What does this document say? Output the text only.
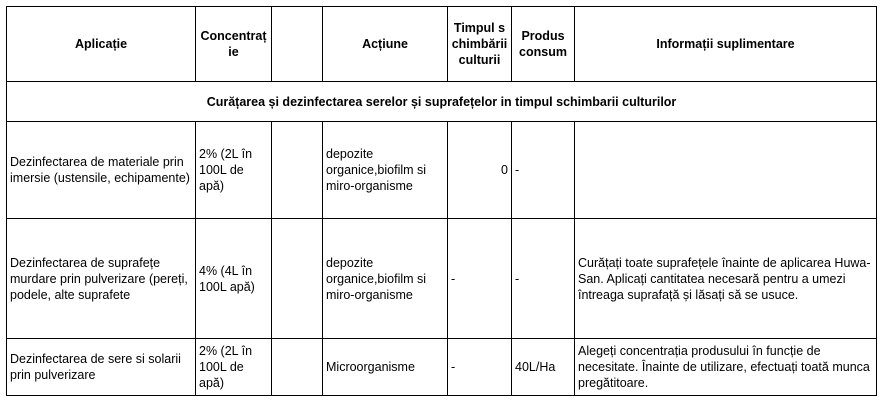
Aplicație	Concentrație		Acțiune	Timpul schimbării culturii	Produs consum	Informații suplimentare
Curățarea și dezinfectarea serelor și suprafețelor in timpul schimbarii culturilor						
Dezinfectarea de materiale prin imersie (ustensile, echipamente)	2% (2L în 100L de apă)		depozite organice,biofilm si miro-organisme	0	-	
Dezinfectarea de suprafețe murdare prin pulverizare (pereți, podele, alte suprafete	4% (4L în 100L apă)		depozite organice,biofilm si miro-organisme	-	-	Curățați toate suprafețele înainte de aplicarea Huwa-San. Aplicați cantitatea necesară pentru a umezi întreaga suprafață și lăsați să se usuce.
Dezinfectarea de sere si solarii prin pulverizare	2% (2L în 100L de apă)		Microorganisme	-	40L/Ha	Alegeți concentrația produsului în funcție de necesitate. Înainte de utilizare, efectuați toată munca pregătitoare.
